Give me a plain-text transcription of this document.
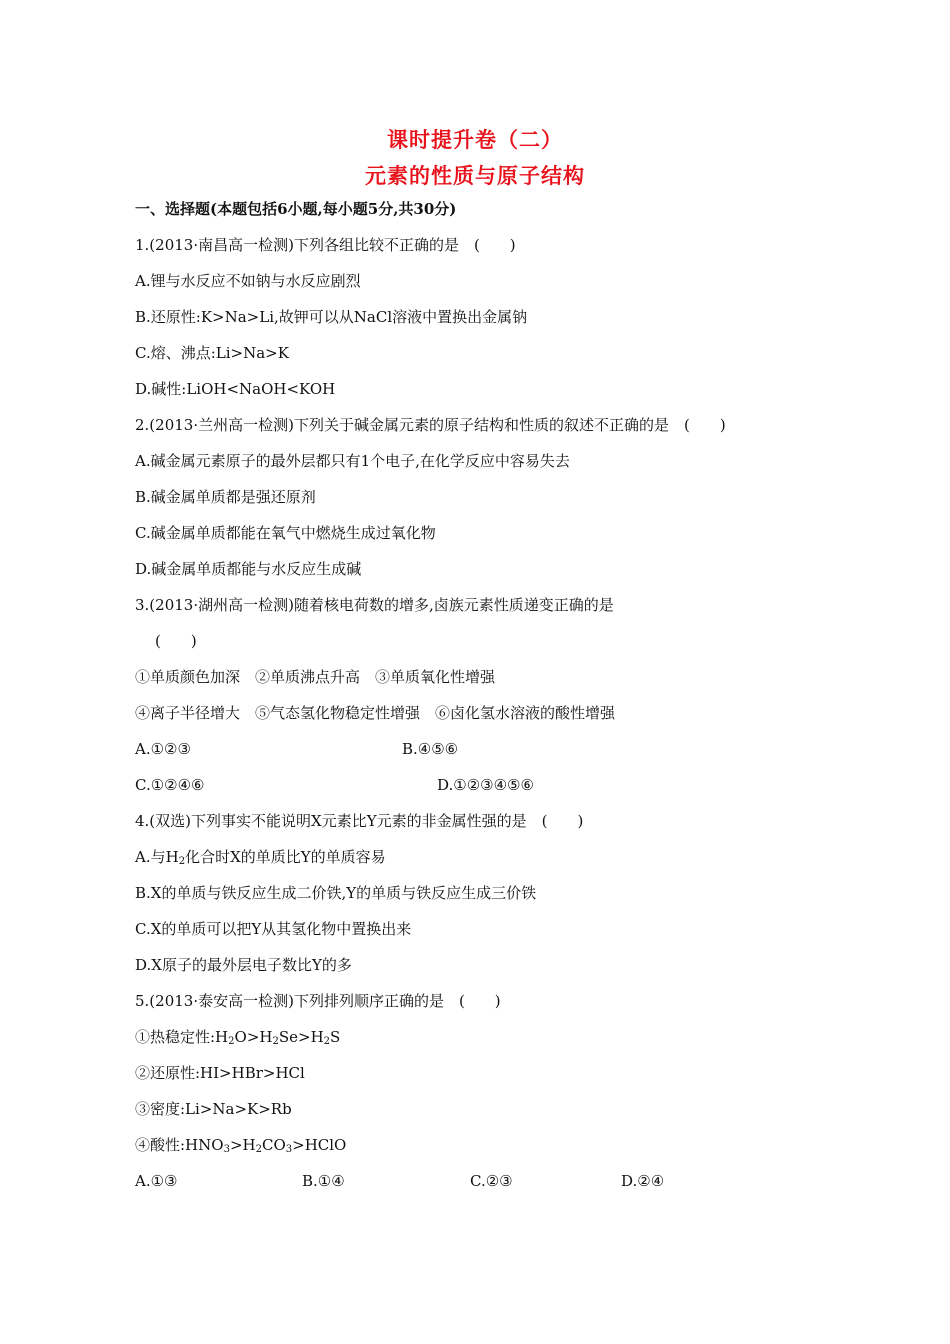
课时提升卷（二）
元素的性质与原子结构
一、选择题(本题包括6小题,每小题5分,共30分)
1.(2013·南昌高一检测)下列各组比较不正确的是　(　　)
A.锂与水反应不如钠与水反应剧烈
B.还原性:K>Na>Li,故钾可以从NaCl溶液中置换出金属钠
C.熔、沸点:Li>Na>K
D.碱性:LiOH<NaOH<KOH
2.(2013·兰州高一检测)下列关于碱金属元素的原子结构和性质的叙述不正确的是　(　　)
A.碱金属元素原子的最外层都只有1个电子,在化学反应中容易失去
B.碱金属单质都是强还原剂
C.碱金属单质都能在氧气中燃烧生成过氧化物
D.碱金属单质都能与水反应生成碱
3.(2013·湖州高一检测)随着核电荷数的增多,卤族元素性质递变正确的是
(　　)
①单质颜色加深　②单质沸点升高　③单质氧化性增强
④离子半径增大　⑤气态氢化物稳定性增强　⑥卤化氢水溶液的酸性增强
A.①②③	B.④⑤⑥
C.①②④⑥	D.①②③④⑤⑥
4.(双选)下列事实不能说明X元素比Y元素的非金属性强的是　(　　)
A.与$H_2$化合时X的单质比Y的单质容易
B.X的单质与铁反应生成二价铁,Y的单质与铁反应生成三价铁
C.X的单质可以把Y从其氢化物中置换出来
D.X原子的最外层电子数比Y的多
5.(2013·泰安高一检测)下列排列顺序正确的是　(　　)
①热稳定性$:H_2O>H_2Se>H_2S$
②还原性:HI>HBr>HCl
③密度:Li>Na>K>Rb
④酸性$:HNO_3>H_2CO_3>HClO$
A.①③	B.①④	C.②③	D.②④
